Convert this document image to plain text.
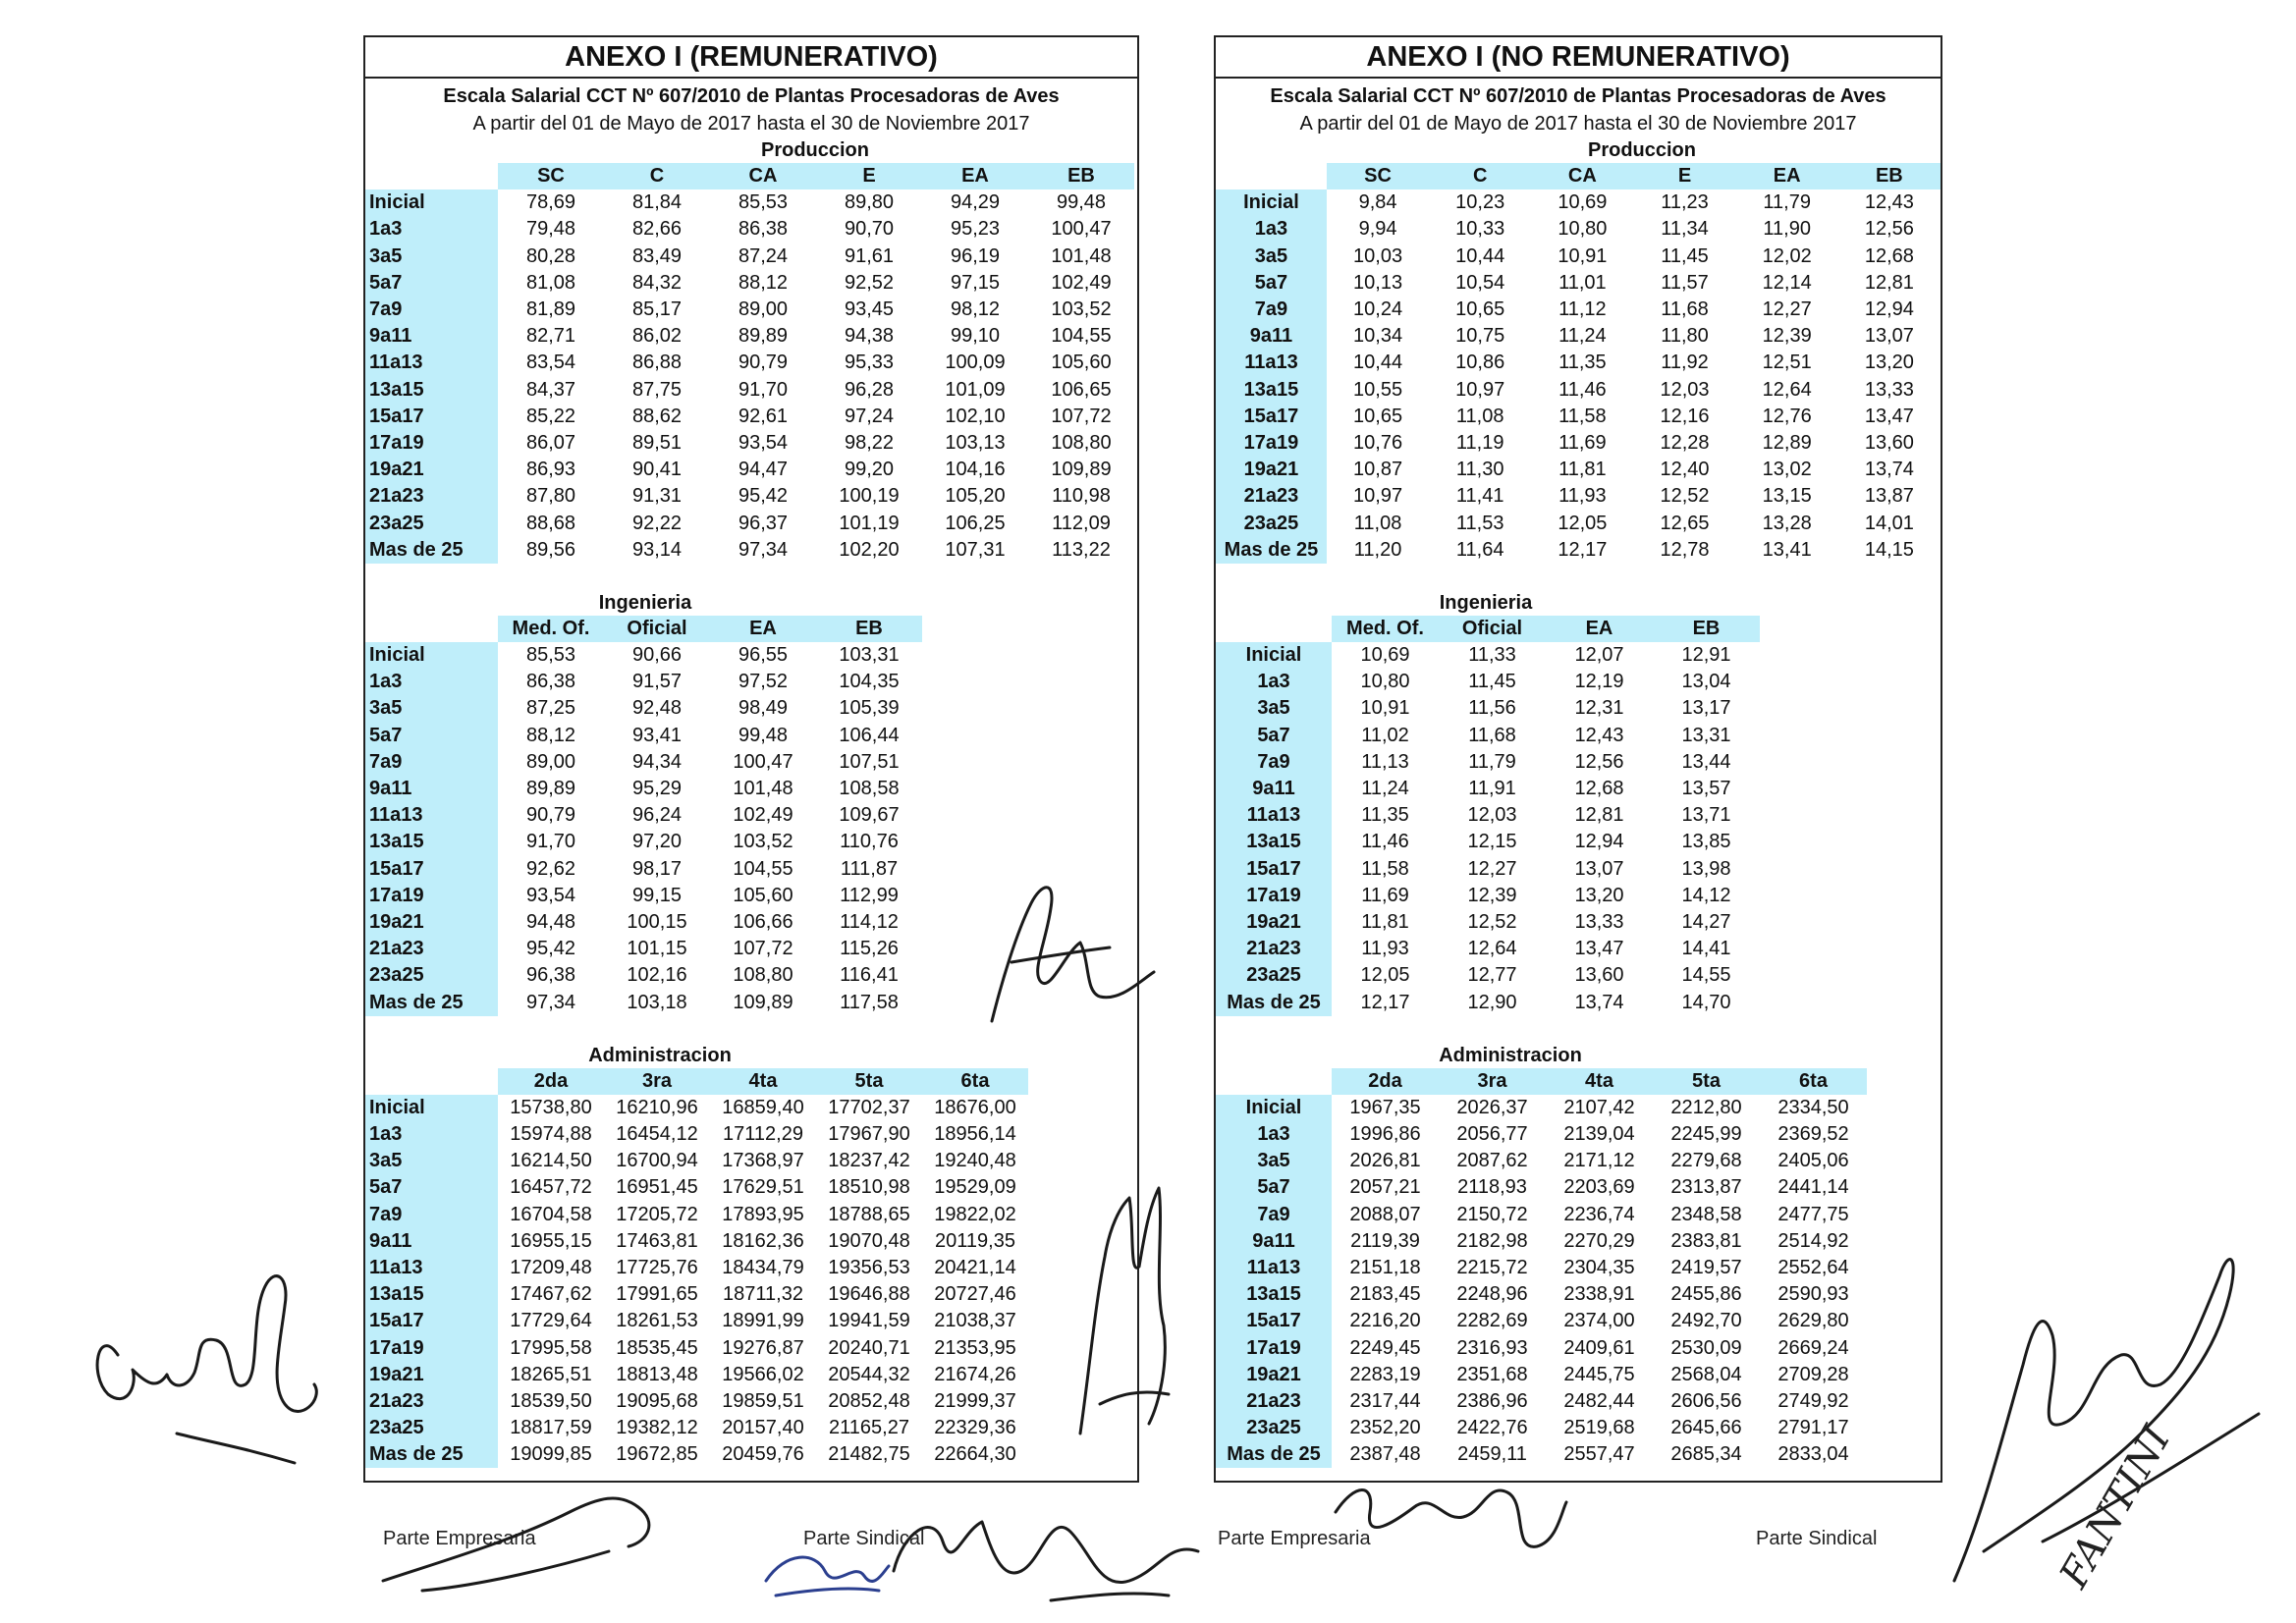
ANEXO I (REMUNERATIVO)
Escala Salarial CCT Nº 607/2010 de Plantas Procesadoras de Aves
A partir del 01 de Mayo de 2017 hasta el 30 de Noviembre 2017
Produccion
	SC	C	CA	E	EA	EB
Inicial	78,69	81,84	85,53	89,80	94,29	99,48
1a3	79,48	82,66	86,38	90,70	95,23	100,47
3a5	80,28	83,49	87,24	91,61	96,19	101,48
5a7	81,08	84,32	88,12	92,52	97,15	102,49
7a9	81,89	85,17	89,00	93,45	98,12	103,52
9a11	82,71	86,02	89,89	94,38	99,10	104,55
11a13	83,54	86,88	90,79	95,33	100,09	105,60
13a15	84,37	87,75	91,70	96,28	101,09	106,65
15a17	85,22	88,62	92,61	97,24	102,10	107,72
17a19	86,07	89,51	93,54	98,22	103,13	108,80
19a21	86,93	90,41	94,47	99,20	104,16	109,89
21a23	87,80	91,31	95,42	100,19	105,20	110,98
23a25	88,68	92,22	96,37	101,19	106,25	112,09
Mas de 25	89,56	93,14	97,34	102,20	107,31	113,22
Ingenieria
	Med. Of.	Oficial	EA	EB
Inicial	85,53	90,66	96,55	103,31
1a3	86,38	91,57	97,52	104,35
3a5	87,25	92,48	98,49	105,39
5a7	88,12	93,41	99,48	106,44
7a9	89,00	94,34	100,47	107,51
9a11	89,89	95,29	101,48	108,58
11a13	90,79	96,24	102,49	109,67
13a15	91,70	97,20	103,52	110,76
15a17	92,62	98,17	104,55	111,87
17a19	93,54	99,15	105,60	112,99
19a21	94,48	100,15	106,66	114,12
21a23	95,42	101,15	107,72	115,26
23a25	96,38	102,16	108,80	116,41
Mas de 25	97,34	103,18	109,89	117,58
Administracion
	2da	3ra	4ta	5ta	6ta
Inicial	15738,80	16210,96	16859,40	17702,37	18676,00
1a3	15974,88	16454,12	17112,29	17967,90	18956,14
3a5	16214,50	16700,94	17368,97	18237,42	19240,48
5a7	16457,72	16951,45	17629,51	18510,98	19529,09
7a9	16704,58	17205,72	17893,95	18788,65	19822,02
9a11	16955,15	17463,81	18162,36	19070,48	20119,35
11a13	17209,48	17725,76	18434,79	19356,53	20421,14
13a15	17467,62	17991,65	18711,32	19646,88	20727,46
15a17	17729,64	18261,53	18991,99	19941,59	21038,37
17a19	17995,58	18535,45	19276,87	20240,71	21353,95
19a21	18265,51	18813,48	19566,02	20544,32	21674,26
21a23	18539,50	19095,68	19859,51	20852,48	21999,37
23a25	18817,59	19382,12	20157,40	21165,27	22329,36
Mas de 25	19099,85	19672,85	20459,76	21482,75	22664,30
ANEXO I (NO REMUNERATIVO)
Escala Salarial CCT Nº 607/2010 de Plantas Procesadoras de Aves
A partir del 01 de Mayo de 2017 hasta el 30 de Noviembre 2017
Produccion
	SC	C	CA	E	EA	EB
Inicial	9,84	10,23	10,69	11,23	11,79	12,43
1a3	9,94	10,33	10,80	11,34	11,90	12,56
3a5	10,03	10,44	10,91	11,45	12,02	12,68
5a7	10,13	10,54	11,01	11,57	12,14	12,81
7a9	10,24	10,65	11,12	11,68	12,27	12,94
9a11	10,34	10,75	11,24	11,80	12,39	13,07
11a13	10,44	10,86	11,35	11,92	12,51	13,20
13a15	10,55	10,97	11,46	12,03	12,64	13,33
15a17	10,65	11,08	11,58	12,16	12,76	13,47
17a19	10,76	11,19	11,69	12,28	12,89	13,60
19a21	10,87	11,30	11,81	12,40	13,02	13,74
21a23	10,97	11,41	11,93	12,52	13,15	13,87
23a25	11,08	11,53	12,05	12,65	13,28	14,01
Mas de 25	11,20	11,64	12,17	12,78	13,41	14,15
Ingenieria
	Med. Of.	Oficial	EA	EB
Inicial	10,69	11,33	12,07	12,91
1a3	10,80	11,45	12,19	13,04
3a5	10,91	11,56	12,31	13,17
5a7	11,02	11,68	12,43	13,31
7a9	11,13	11,79	12,56	13,44
9a11	11,24	11,91	12,68	13,57
11a13	11,35	12,03	12,81	13,71
13a15	11,46	12,15	12,94	13,85
15a17	11,58	12,27	13,07	13,98
17a19	11,69	12,39	13,20	14,12
19a21	11,81	12,52	13,33	14,27
21a23	11,93	12,64	13,47	14,41
23a25	12,05	12,77	13,60	14,55
Mas de 25	12,17	12,90	13,74	14,70
Administracion
	2da	3ra	4ta	5ta	6ta
Inicial	1967,35	2026,37	2107,42	2212,80	2334,50
1a3	1996,86	2056,77	2139,04	2245,99	2369,52
3a5	2026,81	2087,62	2171,12	2279,68	2405,06
5a7	2057,21	2118,93	2203,69	2313,87	2441,14
7a9	2088,07	2150,72	2236,74	2348,58	2477,75
9a11	2119,39	2182,98	2270,29	2383,81	2514,92
11a13	2151,18	2215,72	2304,35	2419,57	2552,64
13a15	2183,45	2248,96	2338,91	2455,86	2590,93
15a17	2216,20	2282,69	2374,00	2492,70	2629,80
17a19	2249,45	2316,93	2409,61	2530,09	2669,24
19a21	2283,19	2351,68	2445,75	2568,04	2709,28
21a23	2317,44	2386,96	2482,44	2606,56	2749,92
23a25	2352,20	2422,76	2519,68	2645,66	2791,17
Mas de 25	2387,48	2459,11	2557,47	2685,34	2833,04
Parte Empresaria	Parte Sindical	Parte Empresaria	Parte Sindical	FANTINI
